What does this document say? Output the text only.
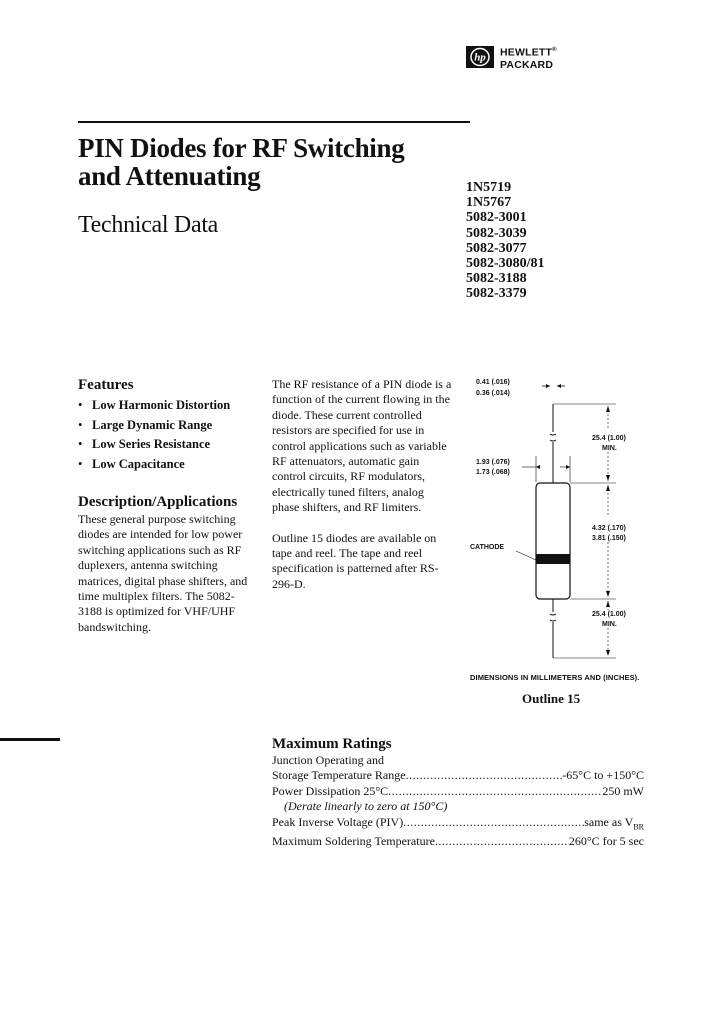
hp HEWLETT®
PACKARD
PIN Diodes for RF Switching
and Attenuating
Technical Data
1N5719
1N5767
5082-3001
5082-3039
5082-3077
5082-3080/81
5082-3188
5082-3379
Features
• Low Harmonic Distortion
• Large Dynamic Range
• Low Series Resistance
• Low Capacitance
Description/Applications
These general purpose switching diodes are intended for low power switching applications such as RF duplexers, antenna switching matrices, digital phase shifters, and time multiplex filters. The 5082-3188 is optimized for VHF/UHF bandswitching.

The RF resistance of a PIN diode is a function of the current flowing in the diode. These current controlled resistors are specified for use in control applications such as variable RF attenuators, automatic gain control circuits, RF modulators, electrically tuned filters, analog phase shifters, and RF limiters.

Outline 15 diodes are available on tape and reel. The tape and reel specification is patterned after RS-296-D.

0.41 (.016)
0.36 (.014)
25.4 (1.00)
MIN.
1.93 (.076)
1.73 (.068)
CATHODE
4.32 (.170)
3.81 (.150)
25.4 (1.00)
MIN.
DIMENSIONS IN MILLIMETERS AND (INCHES).
Outline 15
Maximum Ratings
Junction Operating and
Storage Temperature Range .....	-65°C to +150°C
Power Dissipation 25°C .....	250 mW
(Derate linearly to zero at 150°C)
Peak Inverse Voltage (PIV) .....	same as $V_{BR}$
Maximum Soldering Temperature .....	260°C for 5 sec
